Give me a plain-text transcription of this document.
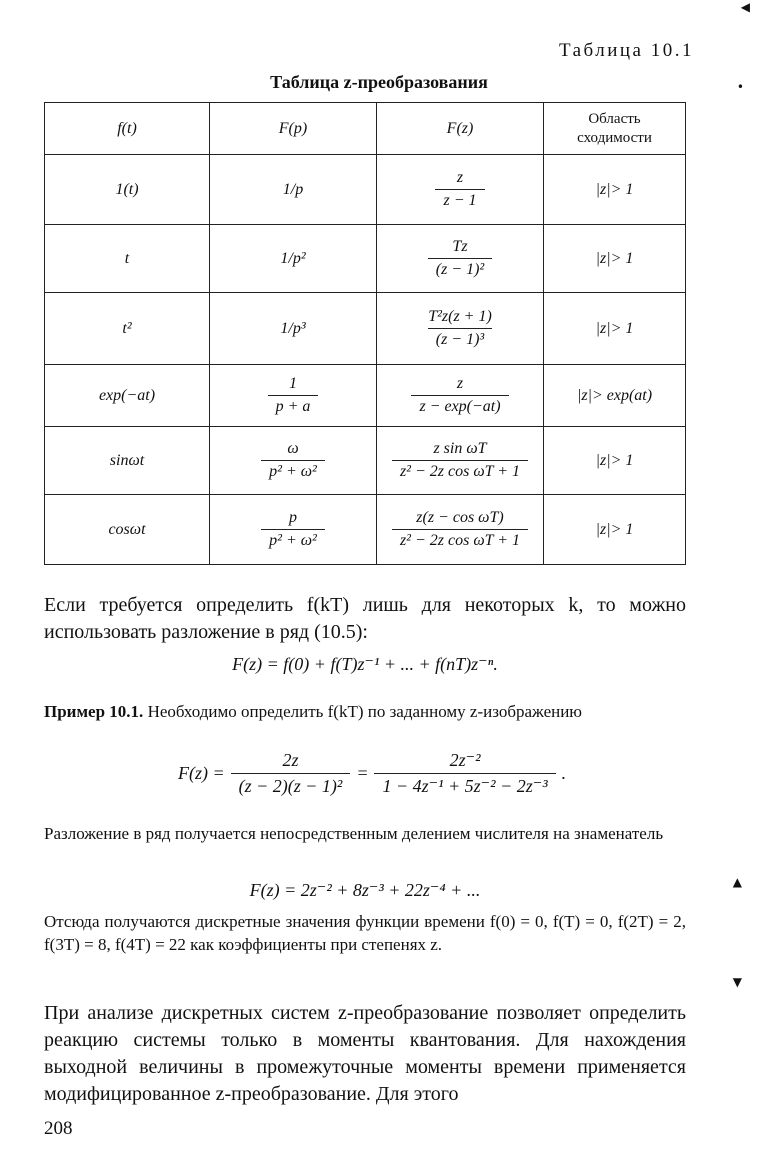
Таблица 10.1
Таблица z-преобразования
f(t)	F(p)	F(z)	Область
сходимости

1(t)	1/p	$\frac{z}{z - 1}$	|z|> 1
t	1/p²	$\frac{Tz}{\text{(z − 1)²}}$	|z|> 1
t²	1/p³	$\frac{\text{T²z(z + 1)}}{\text{(z − 1)³}}$	|z|> 1
exp(−at)	$\frac{1}{p + a}$	$\frac{z}{z - \exp(-at)}$	|z|> exp(at)
sinωt	$\frac{\omega}{\text{p² + ω²}}$	$\frac{\text{z sin ωT}}{\text{z² − 2z cos ωT + 1}}$	|z|> 1
cosωt	$\frac{p}{\text{p² + ω²}}$	$\frac{\text{z(z − cos ωT)}}{\text{z² − 2z cos ωT + 1}}$	|z|> 1
Если требуется определить f(kT) лишь для некоторых k, то можно использовать разложение в ряд (10.5):
F(z) = f(0) + f(T)z⁻¹ + ... + f(nT)z⁻ⁿ.
Пример 10.1. Необходимо определить f(kT) по заданному z-изображению
$F(z) = \frac{2z}{\text{(z − 2)(z − 1)²}} = \frac{\text{2z⁻²}}{\text{1 − 4z⁻¹ + 5z⁻² − 2z⁻³}}$ .
Разложение в ряд получается непосредственным делением числителя на знаменатель
F(z) = 2z⁻² + 8z⁻³ + 22z⁻⁴ + ...
Отсюда получаются дискретные значения функции времени f(0) = 0, f(T) = 0, f(2T) = 2, f(3T) = 8, f(4T) = 22 как коэффициенты при степенях z.
При анализе дискретных систем z-преобразование позволяет определить реакцию системы только в моменты квантования. Для нахождения выходной величины в промежуточные моменты времени применяется модифицированное z-преобразование. Для этого
208
◀
•
▲
▼
